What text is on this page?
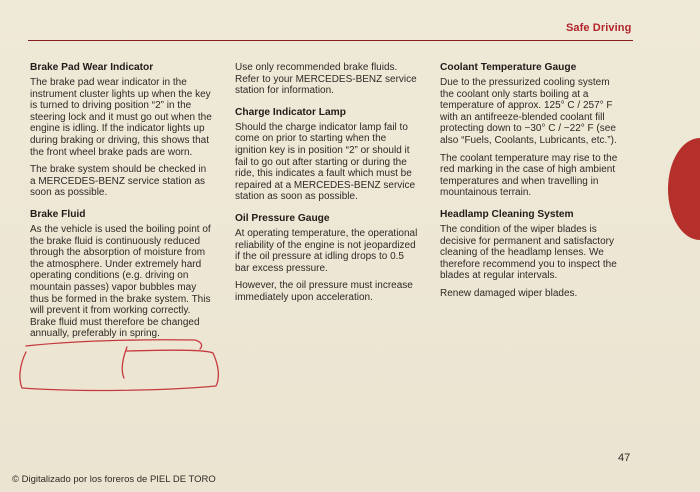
Safe Driving
Brake Pad Wear Indicator

The brake pad wear indicator in the instrument cluster lights up when the key is turned to driving position “2” in the steering lock and it must go out when the engine is idling. If the indicator lights up during braking or driving, this shows that the front wheel brake pads are worn.

The brake system should be checked in a MERCEDES-BENZ service station as soon as possible.

Brake Fluid

As the vehicle is used the boiling point of the brake fluid is continuously reduced through the absorption of moisture from the atmosphere. Under extremely hard operating conditions (e.g. driving on mountain passes) vapor bubbles may thus be formed in the brake system. This will prevent it from working correctly. Brake fluid must therefore be changed annually, preferably in spring.

Use only recommended brake fluids. Refer to your MERCEDES-BENZ service station for information.

Charge Indicator Lamp

Should the charge indicator lamp fail to come on prior to starting when the ignition key is in position “2” or should it fail to go out after starting or during the ride, this indicates a fault which must be repaired at a MERCEDES-BENZ service station as soon as possible.

Oil Pressure Gauge

At operating temperature, the operational reliability of the engine is not jeopardized if the oil pressure at idling drops to 0.5 bar excess pressure.

However, the oil pressure must increase immediately upon acceleration.

Coolant Temperature Gauge

Due to the pressurized cooling system the coolant only starts boiling at a temperature of approx. 125° C / 257° F with an antifreeze-blended coolant fill protecting down to −30° C / −22° F (see also “Fuels, Coolants, Lubricants, etc.”).

The coolant temperature may rise to the red marking in the case of high ambient temperatures and when travelling in mountainous terrain.

Headlamp Cleaning System

The condition of the wiper blades is decisive for permanent and satisfactory cleaning of the headlamp lenses. We therefore recommend you to inspect the blades at regular intervals.

Renew damaged wiper blades.

47
© Digitalizado por los foreros de PIEL DE TORO
